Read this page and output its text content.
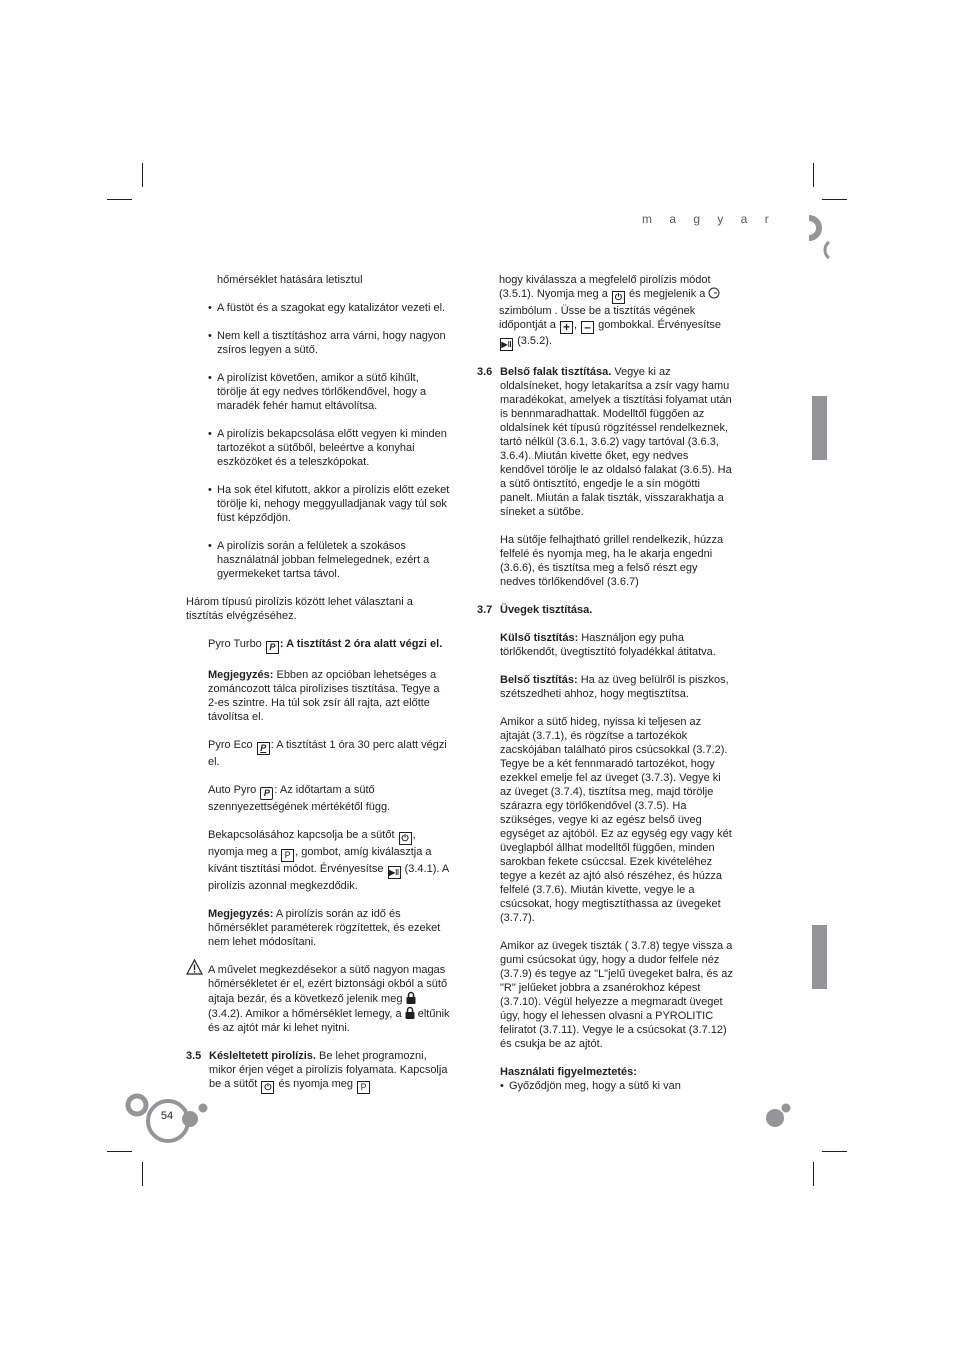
m a g y a r

hőmérséklet hatására letisztul

• A füstöt és a szagokat egy katalizátor vezeti el.
• Nem kell a tisztításhoz arra várni, hogy nagyon zsíros legyen a sütő.
• A pirolízist követően, amikor a sütő kihűlt, törölje át egy nedves törlőkendővel, hogy a maradék fehér hamut eltávolítsa.
• A pirolízis bekapcsolása előtt vegyen ki minden tartozékot a sütőből, beleértve a konyhai eszközöket és a teleszkópokat.
• Ha sok étel kifutott, akkor a pirolízis előtt ezeket törölje ki, nehogy meggyulladjanak vagy túl sok füst képződjön.
• A pirolízis során a felületek a szokásos használatnál jobban felmelegednek, ezért a gyermekeket tartsa távol.

Három típusú pirolízis között lehet választani a tisztítás elvégzéséhez.

Pyro Turbo P : A tisztítást 2 óra alatt végzi el.

Megjegyzés: Ebben az opcióban lehetséges a zománcozott tálca pirolízises tisztítása. Tegye a 2-es szintre. Ha túl sok zsír áll rajta, azt előtte távolítsa el.

Pyro Eco P : A tisztítást 1 óra 30 perc alatt végzi el.

Auto Pyro P : Az időtartam a sütő szennyezettségének mértékétől függ.

Bekapcsolásához kapcsolja be a sütőt ⏻ , nyomja meg a P , gombot, amíg kiválasztja a kívánt tisztítási módot. Érvényesítse ▶‖ (3.4.1). A pirolízis azonnal megkezdődik.

Megjegyzés: A pirolízis során az idő és hőmérséklet paraméterek rögzítettek, és ezeket nem lehet módosítani.

A művelet megkezdésekor a sütő nagyon magas hőmérsékletet ér el, ezért biztonsági okból a sütő ajtaja bezár, és a következő jelenik meg  (3.4.2). Amikor a hőmérséklet lemegy, a eltűnik és az ajtót már ki lehet nyitni.

3.5 Késleltetett pirolízis. Be lehet programozni, mikor érjen véget a pirolízis folyamata. Kapcsolja be a sütőt ⏻ és nyomja meg P

hogy kiválassza a megfelelő pirolízis módot (3.5.1). Nyomja meg a ⏻ és megjelenik a  szimbólum . Üsse be a tisztítás végének időpontját a + , – gombokkal. Érvényesítse ▶‖ (3.5.2).

3.6 Belső falak tisztítása. Vegye ki az oldalsíneket, hogy letakarítsa a zsír vagy hamu maradékokat, amelyek a tisztítási folyamat után is bennmaradhattak. Modelltől függően az oldalsínek két típusú rögzítéssel rendelkeznek, tartó nélkül (3.6.1, 3.6.2) vagy tartóval (3.6.3, 3.6.4). Miután kivette őket, egy nedves kendővel törölje le az oldalsó falakat (3.6.5). Ha a sütő öntisztító, engedje le a sín mögötti panelt. Miután a falak tiszták, visszarakhatja a síneket a sütőbe.

Ha sütője felhajtható grillel rendelkezik, húzza felfelé és nyomja meg, ha le akarja engedni (3.6.6), és tisztítsa meg a felső részt egy nedves törlőkendővel (3.6.7)

3.7 Üvegek tisztítása.

Külső tisztítás: Használjon egy puha törlőkendőt, üvegtisztító folyadékkal átitatva.

Belső tisztítás: Ha az üveg belülről is piszkos, szétszedheti ahhoz, hogy megtisztítsa.

Amikor a sütő hideg, nyissa ki teljesen az ajtaját (3.7.1), és rögzítse a tartozékok zacskójában található piros csúcsokkal (3.7.2). Tegye be a két fennmaradó tartozékot, hogy ezekkel emelje fel az üveget (3.7.3). Vegye ki az üveget (3.7.4), tisztítsa meg, majd törölje szárazra egy törlőkendővel (3.7.5). Ha szükséges, vegye ki az egész belső üveg egységet az ajtóból. Ez az egység egy vagy két üveglapból állhat modelltől függően, minden sarokban fekete csúccsal. Ezek kivételéhez tegye a kezét az ajtó alsó részéhez, és húzza felfelé (3.7.6). Miután kivette, vegye le a csúcsokat, hogy megtisztíthassa az üvegeket (3.7.7).

Amikor az üvegek tiszták ( 3.7.8) tegye vissza a gumi csúcsokat úgy, hogy a dudor felfele néz (3.7.9) és tegye az "L"jelű üvegeket balra, és az "R" jelűeket jobbra a zsanérokhoz képest (3.7.10). Végül helyezze a megmaradt üveget úgy, hogy el lehessen olvasni a PYROLITIC feliratot (3.7.11). Vegye le a csúcsokat (3.7.12) és csukja be az ajtót.

Használati figyelmeztetés:

• Győződjön meg, hogy a sütő ki van
54
